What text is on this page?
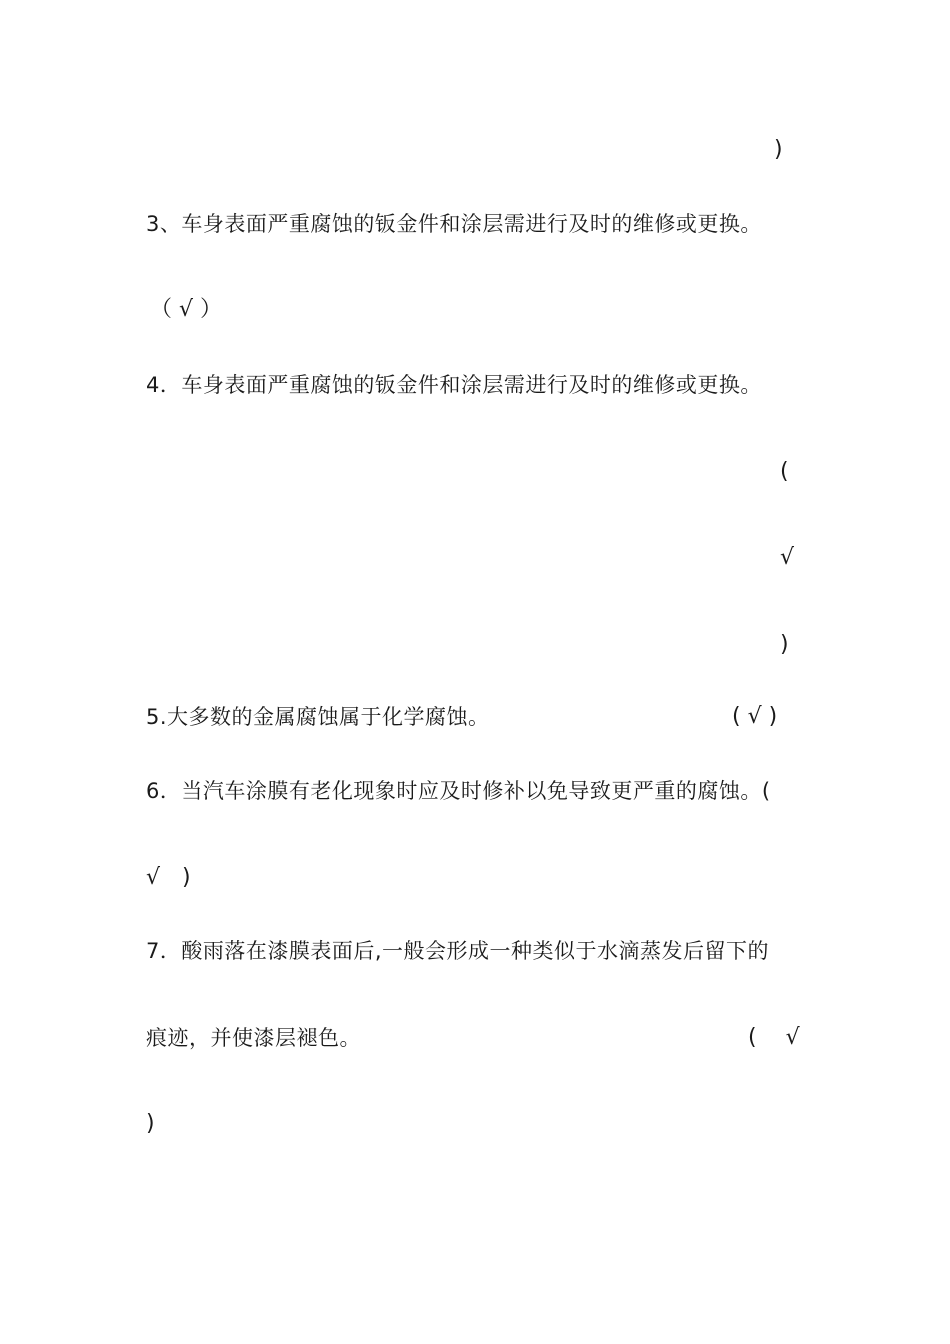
)
3、车身表面严重腐蚀的钣金件和涂层需进行及时的维修或更换。
（ √ ）
4．车身表面严重腐蚀的钣金件和涂层需进行及时的维修或更换。
(
√
)
5.大多数的金属腐蚀属于化学腐蚀。	( √ )
6．当汽车涂膜有老化现象时应及时修补以免导致更严重的腐蚀。(
√　)
7．酸雨落在漆膜表面后,一般会形成一种类似于水滴蒸发后留下的
痕迹，并使漆层褪色。	(　 √
)
